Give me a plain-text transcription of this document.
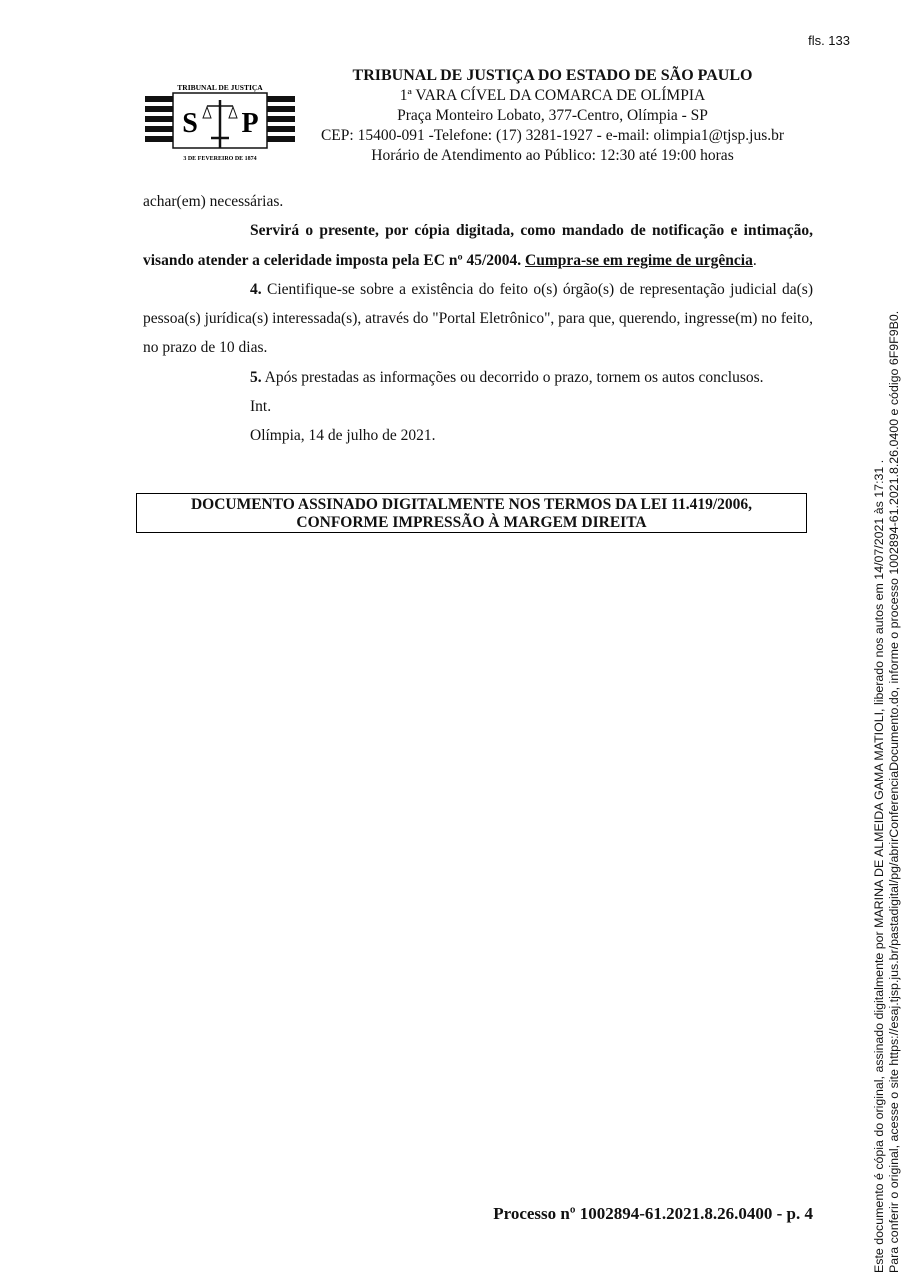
fls. 133
TRIBUNAL DE JUSTIÇA
S P
3 DE FEVEREIRO DE 1874
TRIBUNAL DE JUSTIÇA DO ESTADO DE SÃO PAULO
1ª VARA CÍVEL DA COMARCA DE OLÍMPIA
Praça Monteiro Lobato, 377-Centro, Olímpia - SP
CEP: 15400-091 -Telefone: (17) 3281-1927 - e-mail: olimpia1@tjsp.jus.br
Horário de Atendimento ao Público: 12:30 até 19:00 horas

achar(em) necessárias.

Servirá o presente, por cópia digitada, como mandado de notificação e intimação, visando atender a celeridade imposta pela EC nº 45/2004. Cumpra-se em regime de urgência.

4. Cientifique-se sobre a existência do feito o(s) órgão(s) de representação judicial da(s) pessoa(s) jurídica(s) interessada(s), através do "Portal Eletrônico", para que, querendo, ingresse(m) no feito, no prazo de 10 dias.

5. Após prestadas as informações ou decorrido o prazo, tornem os autos conclusos.

Int.

Olímpia, 14 de julho de 2021.

DOCUMENTO ASSINADO DIGITALMENTE NOS TERMOS DA LEI 11.419/2006,
CONFORME IMPRESSÃO À MARGEM DIREITA
Processo nº 1002894-61.2021.8.26.0400 - p. 4	Este documento é cópia do original, assinado digitalmente por MARINA DE ALMEIDA GAMA MATIOLI, liberado nos autos em 14/07/2021 às 17:31 . Para conferir o original, acesse o site https://esaj.tjsp.jus.br/pastadigital/pg/abrirConferenciaDocumento.do, informe o processo 1002894-61.2021.8.26.0400 e código 6F9F9B0.
